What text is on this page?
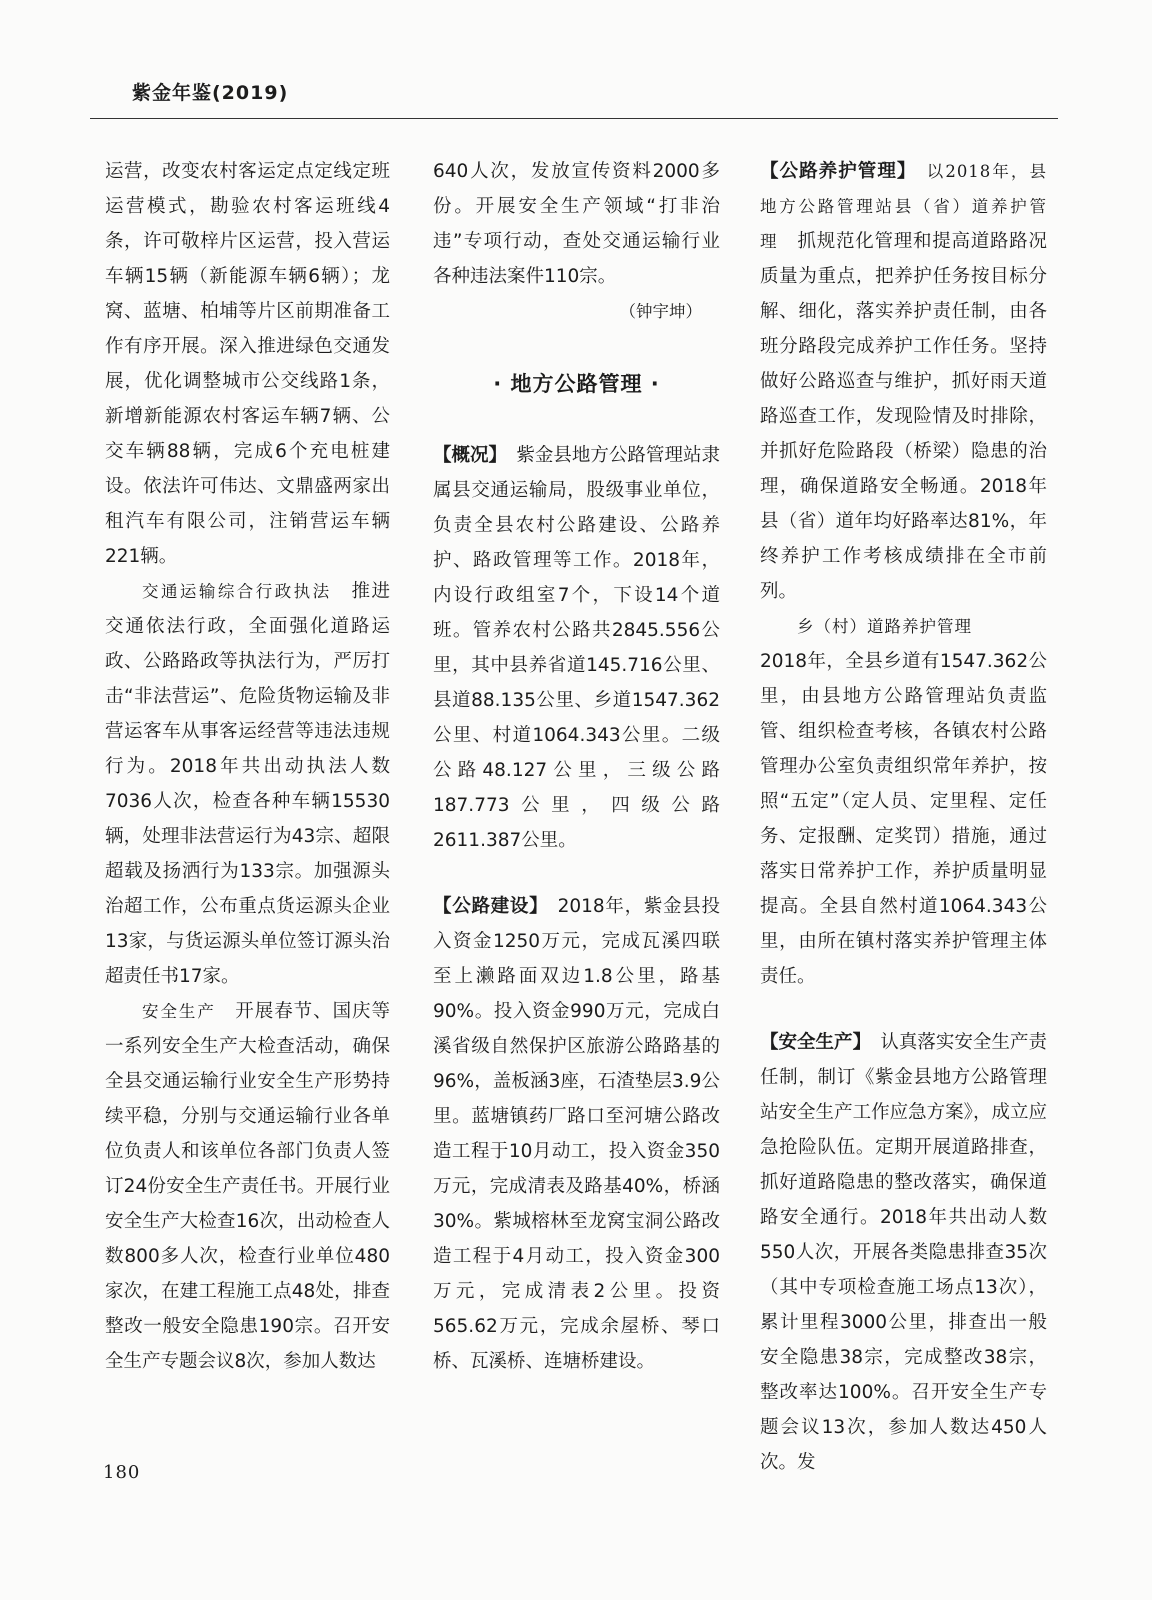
紫金年鉴(2019)

运营，改变农村客运定点定线定班运营模式，勘验农村客运班线4条，许可敬梓片区运营，投入营运车辆15辆（新能源车辆6辆）；龙窝、蓝塘、柏埔等片区前期准备工作有序开展。深入推进绿色交通发展，优化调整城市公交线路1条，新增新能源农村客运车辆7辆、公交车辆88辆，完成6个充电桩建设。依法许可伟达、文鼎盛两家出租汽车有限公司，注销营运车辆221辆。

交通运输综合行政执法  推进交通依法行政，全面强化道路运政、公路路政等执法行为，严厉打击“非法营运”、危险货物运输及非营运客车从事客运经营等违法违规行为。2018年共出动执法人数7036人次，检查各种车辆15530辆，处理非法营运行为43宗、超限超载及扬洒行为133宗。加强源头治超工作，公布重点货运源头企业13家，与货运源头单位签订源头治超责任书17家。

安全生产  开展春节、国庆等一系列安全生产大检查活动，确保全县交通运输行业安全生产形势持续平稳，分别与交通运输行业各单位负责人和该单位各部门负责人签订24份安全生产责任书。开展行业安全生产大检查16次，出动检查人数800多人次，检查行业单位480家次，在建工程施工点48处，排查整改一般安全隐患190宗。召开安全生产专题会议8次，参加人数达

640人次，发放宣传资料2000多份。开展安全生产领域“打非治违”专项行动，查处交通运输行业各种违法案件110宗。

（钟宇坤）
· 地方公路管理 ·

【概况】  紫金县地方公路管理站隶属县交通运输局，股级事业单位，负责全县农村公路建设、公路养护、路政管理等工作。2018年，内设行政组室7个，下设14个道班。管养农村公路共2845.556公里，其中县养省道145.716公里、县道88.135公里、乡道1547.362公里、村道1064.343公里。二级公路48.127公里，三级公路187.773公里，四级公路2611.387公里。

【公路建设】  2018年，紫金县投入资金1250万元，完成瓦溪四联至上濑路面双边1.8公里，路基90%。投入资金990万元，完成白溪省级自然保护区旅游公路路基的96%，盖板涵3座，石渣垫层3.9公里。蓝塘镇药厂路口至河塘公路改造工程于10月动工，投入资金350万元，完成清表及路基40%，桥涵30%。紫城榕林至龙窝宝洞公路改造工程于4月动工，投入资金300万元，完成清表2公里。投资565.62万元，完成余屋桥、琴口桥、瓦溪桥、连塘桥建设。

【公路养护管理】  以2018年，县地方公路管理站县（省）道养护管理  抓规范化管理和提高道路路况质量为重点，把养护任务按目标分解、细化，落实养护责任制，由各班分路段完成养护工作任务。坚持做好公路巡查与维护，抓好雨天道路巡查工作，发现险情及时排除，并抓好危险路段（桥梁）隐患的治理，确保道路安全畅通。2018年县（省）道年均好路率达81%，年终养护工作考核成绩排在全市前列。

乡（村）道路养护管理
2018年，全县乡道有1547.362公里，由县地方公路管理站负责监管、组织检查考核，各镇农村公路管理办公室负责组织常年养护，按照“五定”（定人员、定里程、定任务、定报酬、定奖罚）措施，通过落实日常养护工作，养护质量明显提高。全县自然村道1064.343公里，由所在镇村落实养护管理主体责任。

【安全生产】  认真落实安全生产责任制，制订《紫金县地方公路管理站安全生产工作应急方案》，成立应急抢险队伍。定期开展道路排查，抓好道路隐患的整改落实，确保道路安全通行。2018年共出动人数550人次，开展各类隐患排查35次（其中专项检查施工场点13次），累计里程3000公里，排查出一般安全隐患38宗，完成整改38宗，整改率达100%。召开安全生产专题会议13次，参加人数达450人次。发

180
